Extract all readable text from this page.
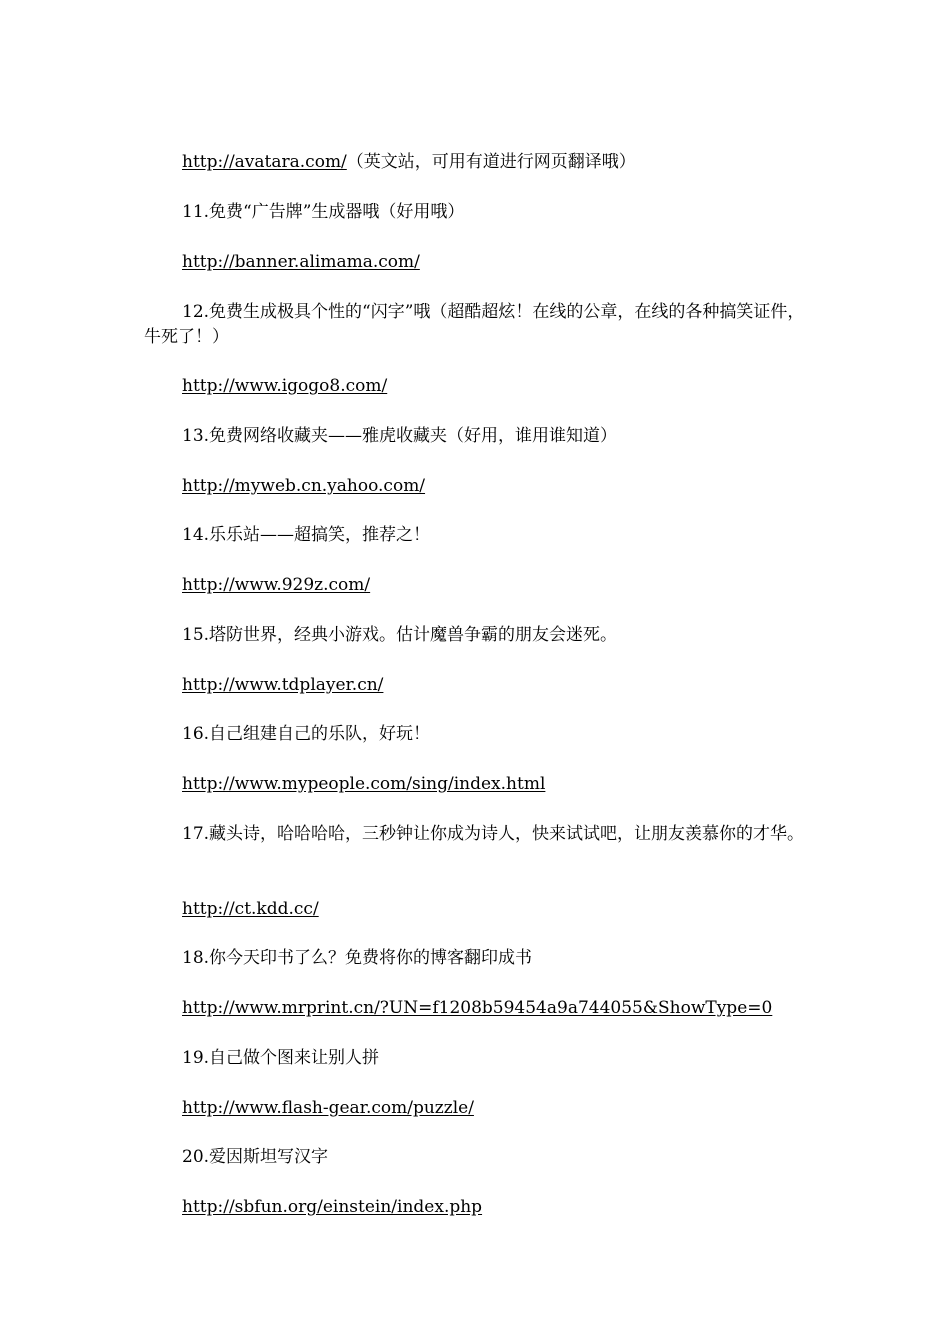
http://avatara.com/（英文站，可用有道进行网页翻译哦）

11.免费“广告牌”生成器哦（好用哦）

http://banner.alimama.com/

12.免费生成极具个性的“闪字”哦（超酷超炫！在线的公章，在线的各种搞笑证件，牛死了！）

http://www.igogo8.com/

13.免费网络收藏夹——雅虎收藏夹（好用，谁用谁知道）

http://myweb.cn.yahoo.com/

14.乐乐站——超搞笑，推荐之！

http://www.929z.com/

15.塔防世界，经典小游戏。估计魔兽争霸的朋友会迷死。

http://www.tdplayer.cn/

16.自己组建自己的乐队，好玩！

http://www.mypeople.com/sing/index.html

17.藏头诗，哈哈哈哈，三秒钟让你成为诗人，快来试试吧，让朋友羡慕你的才华。

http://ct.kdd.cc/

18.你今天印书了么？免费将你的博客翻印成书

http://www.mrprint.cn/?UN=f1208b59454a9a744055&ShowType=0

19.自己做个图来让别人拼

http://www.flash-gear.com/puzzle/

20.爱因斯坦写汉字

http://sbfun.org/einstein/index.php
